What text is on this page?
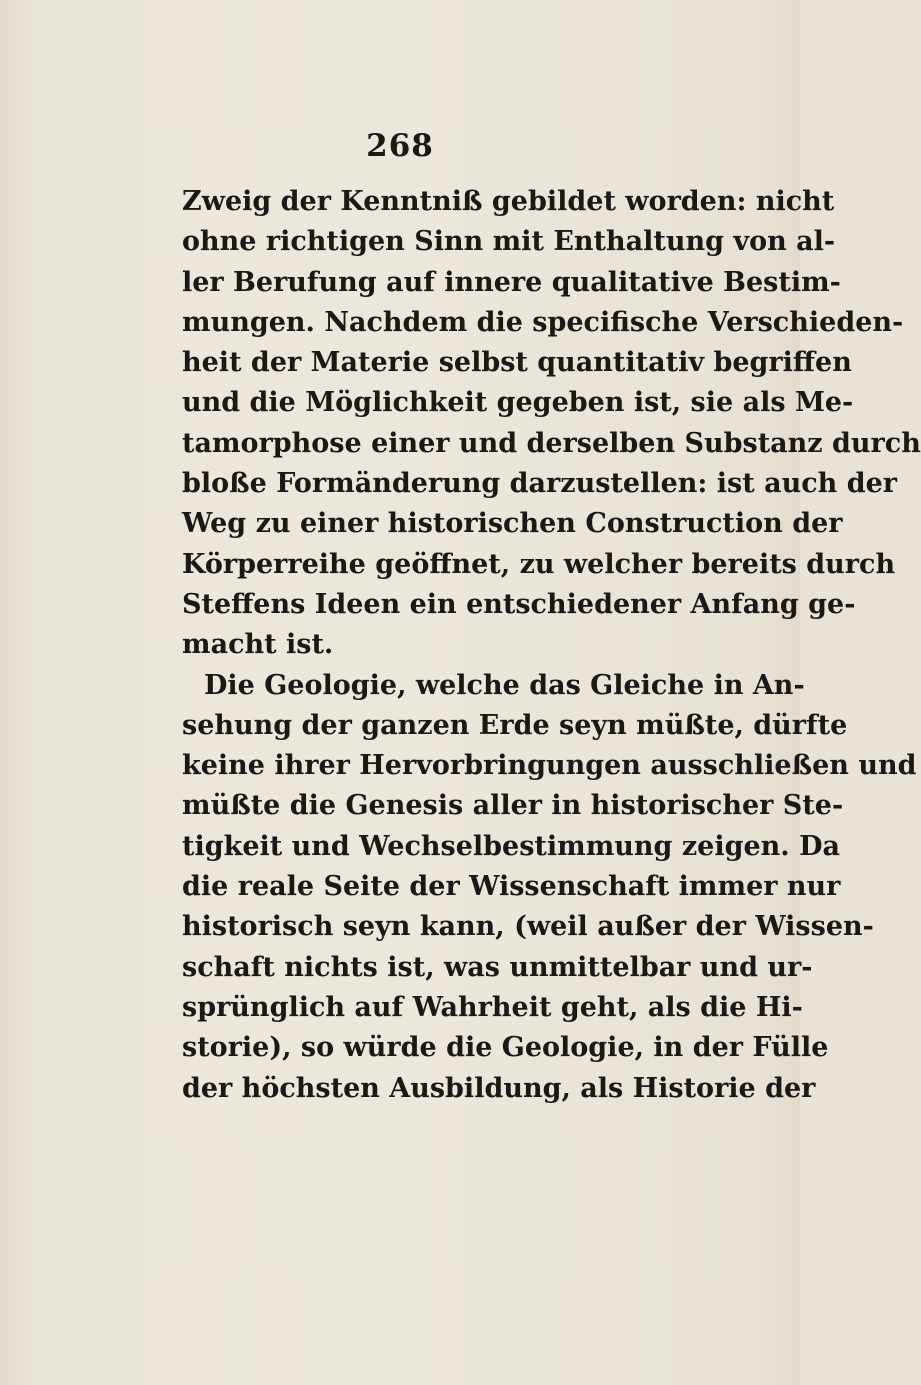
268
Zweig der Kenntniß gebildet worden: nicht
ohne richtigen Sinn mit Enthaltung von al-
ler Berufung auf innere qualitative Bestim-
mungen. Nachdem die specifische Verschieden-
heit der Materie selbst quantitativ begriffen
und die Möglichkeit gegeben ist, sie als Me-
tamorphose einer und derselben Substanz durch
bloße Formänderung darzustellen: ist auch der
Weg zu einer historischen Construction der
Körperreihe geöffnet, zu welcher bereits durch
Steffens Ideen ein entschiedener Anfang ge-
macht ist.
Die Geologie, welche das Gleiche in An-
sehung der ganzen Erde seyn müßte, dürfte
keine ihrer Hervorbringungen ausschließen und
müßte die Genesis aller in historischer Ste-
tigkeit und Wechselbestimmung zeigen. Da
die reale Seite der Wissenschaft immer nur
historisch seyn kann, (weil außer der Wissen-
schaft nichts ist, was unmittelbar und ur-
sprünglich auf Wahrheit geht, als die Hi-
storie), so würde die Geologie, in der Fülle
der höchsten Ausbildung, als Historie der
